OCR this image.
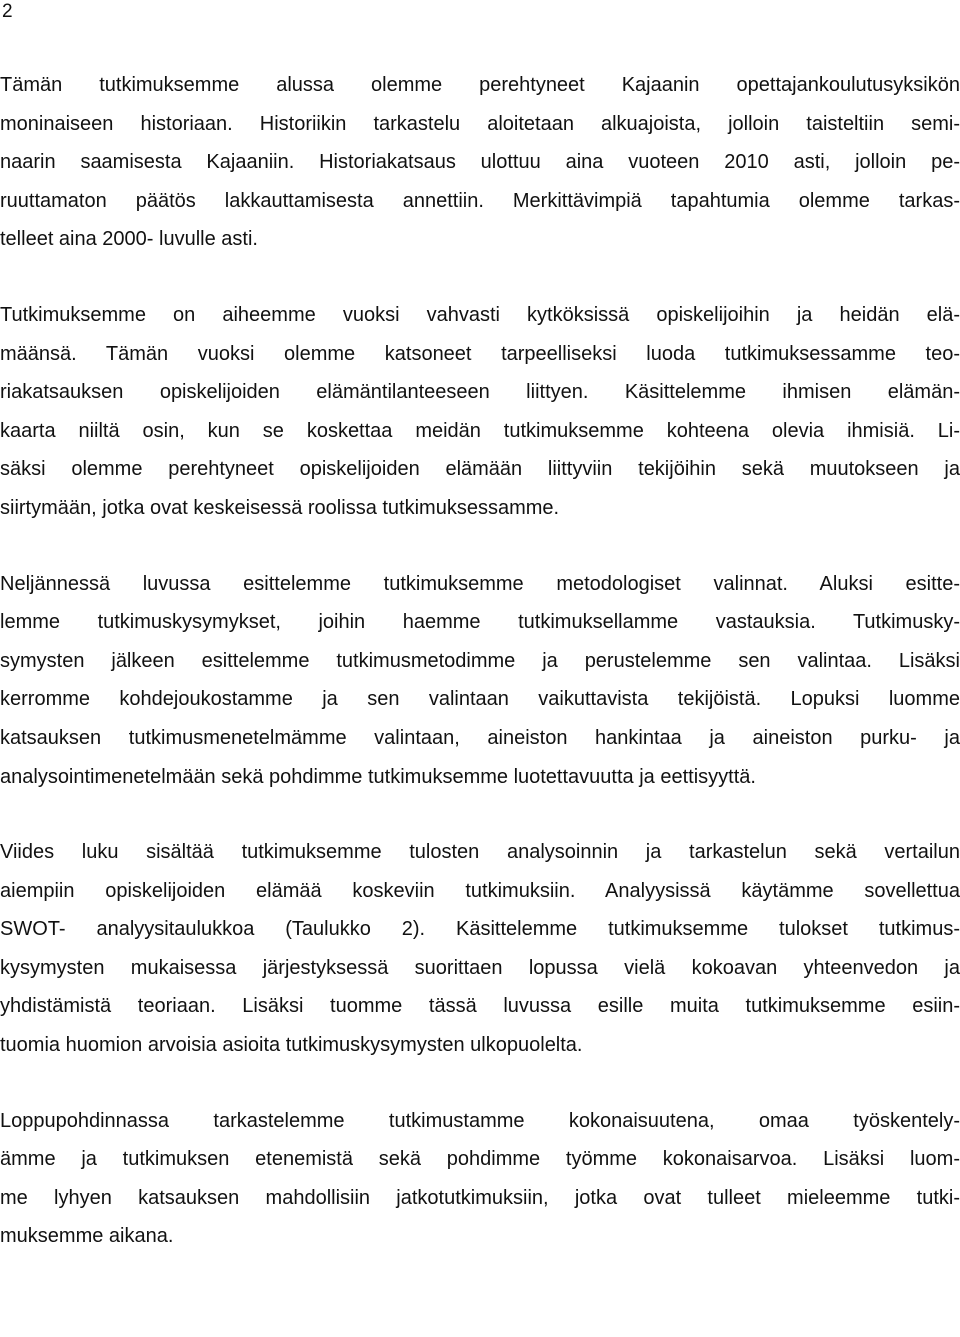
2

Tämän tutkimuksemme alussa olemme perehtyneet Kajaanin opettajankoulutusyksikön
moninaiseen historiaan. Historiikin tarkastelu aloitetaan alkuajoista, jolloin taisteltiin semi-
naarin saamisesta Kajaaniin. Historiakatsaus ulottuu aina vuoteen 2010 asti, jolloin pe-
ruuttamaton päätös lakkauttamisesta annettiin. Merkittävimpiä tapahtumia olemme tarkas-
telleet aina 2000- luvulle asti.

Tutkimuksemme on aiheemme vuoksi vahvasti kytköksissä opiskelijoihin ja heidän elä-
määnsä. Tämän vuoksi olemme katsoneet tarpeelliseksi luoda tutkimuksessamme teo-
riakatsauksen opiskelijoiden elämäntilanteeseen liittyen. Käsittelemme ihmisen elämän-
kaarta niiltä osin, kun se koskettaa meidän tutkimuksemme kohteena olevia ihmisiä. Li-
säksi olemme perehtyneet opiskelijoiden elämään liittyviin tekijöihin sekä muutokseen ja
siirtymään, jotka ovat keskeisessä roolissa tutkimuksessamme.

Neljännessä luvussa esittelemme tutkimuksemme metodologiset valinnat. Aluksi esitte-
lemme tutkimuskysymykset, joihin haemme tutkimuksellamme vastauksia. Tutkimusky-
symysten jälkeen esittelemme tutkimusmetodimme ja perustelemme sen valintaa. Lisäksi
kerromme kohdejoukostamme ja sen valintaan vaikuttavista tekijöistä. Lopuksi luomme
katsauksen tutkimusmenetelmämme valintaan, aineiston hankintaa ja aineiston purku- ja
analysointimenetelmään sekä pohdimme tutkimuksemme luotettavuutta ja eettisyyttä.

Viides luku sisältää tutkimuksemme tulosten analysoinnin ja tarkastelun sekä vertailun
aiempiin opiskelijoiden elämää koskeviin tutkimuksiin. Analyysissä käytämme sovellettua
SWOT- analyysitaulukkoa (Taulukko 2). Käsittelemme tutkimuksemme tulokset tutkimus-
kysymysten mukaisessa järjestyksessä suorittaen lopussa vielä kokoavan yhteenvedon ja
yhdistämistä teoriaan. Lisäksi tuomme tässä luvussa esille muita tutkimuksemme esiin-
tuomia huomion arvoisia asioita tutkimuskysymysten ulkopuolelta.

Loppupohdinnassa tarkastelemme tutkimustamme kokonaisuutena, omaa työskentely-
ämme ja tutkimuksen etenemistä sekä pohdimme työmme kokonaisarvoa. Lisäksi luom-
me lyhyen katsauksen mahdollisiin jatkotutkimuksiin, jotka ovat tulleet mieleemme tutki-
muksemme aikana.
